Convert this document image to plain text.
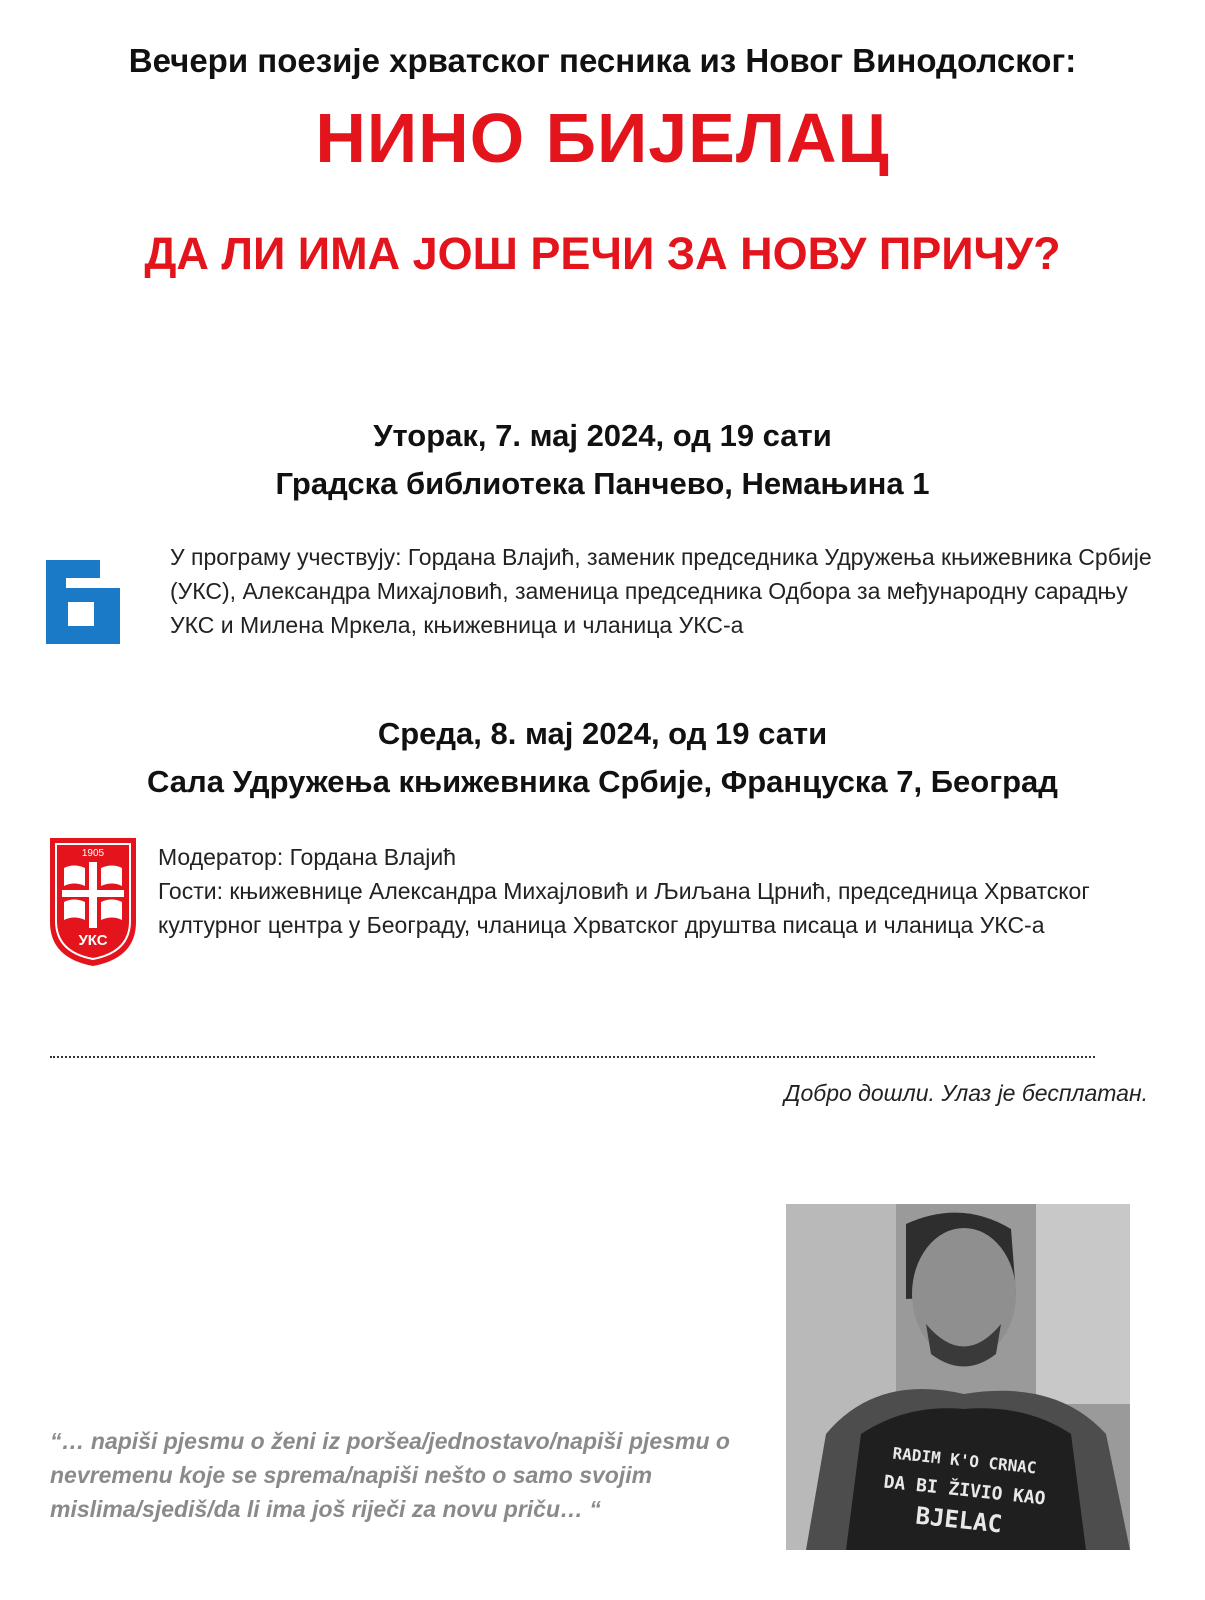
Вечери поезије хрватског песника из Новог Винодолског:
НИНО БИЈЕЛАЦ
ДА ЛИ ИМА ЈОШ РЕЧИ ЗА НОВУ ПРИЧУ?
Уторак, 7. мај 2024, од 19 сати
Градска библиотека Панчево, Немањина 1
У програму учествују: Гордана Влајић, заменик председника Удружења књижевника Србије (УКС), Александра Михајловић, заменица председника Одбора за међународну сарадњу УКС и Милена Мркела, књижевница и чланица УКС-а
Среда, 8. мај 2024, од 19 сати
Сала Удружења књижевника Србије, Француска 7, Београд
1905
УКС
Модератор: Гордана Влајић
Гости: књижевнице Александра Михајловић и Љиљана Црнић, председница Хрватског културног центра у Београду, чланица Хрватског друштва писаца и чланица УКС-а
Добро дошли. Улаз је бесплатан.
“… napiši pjesmu o ženi iz poršea/jednostavo/napiši pjesmu o nevremenu koje se sprema/napiši nešto o samo svojim mislima/sjediš/da li ima još riječi za novu priču… “
RADIM K'O CRNAC
DA BI ŽIVIO KAO
BJELAC
